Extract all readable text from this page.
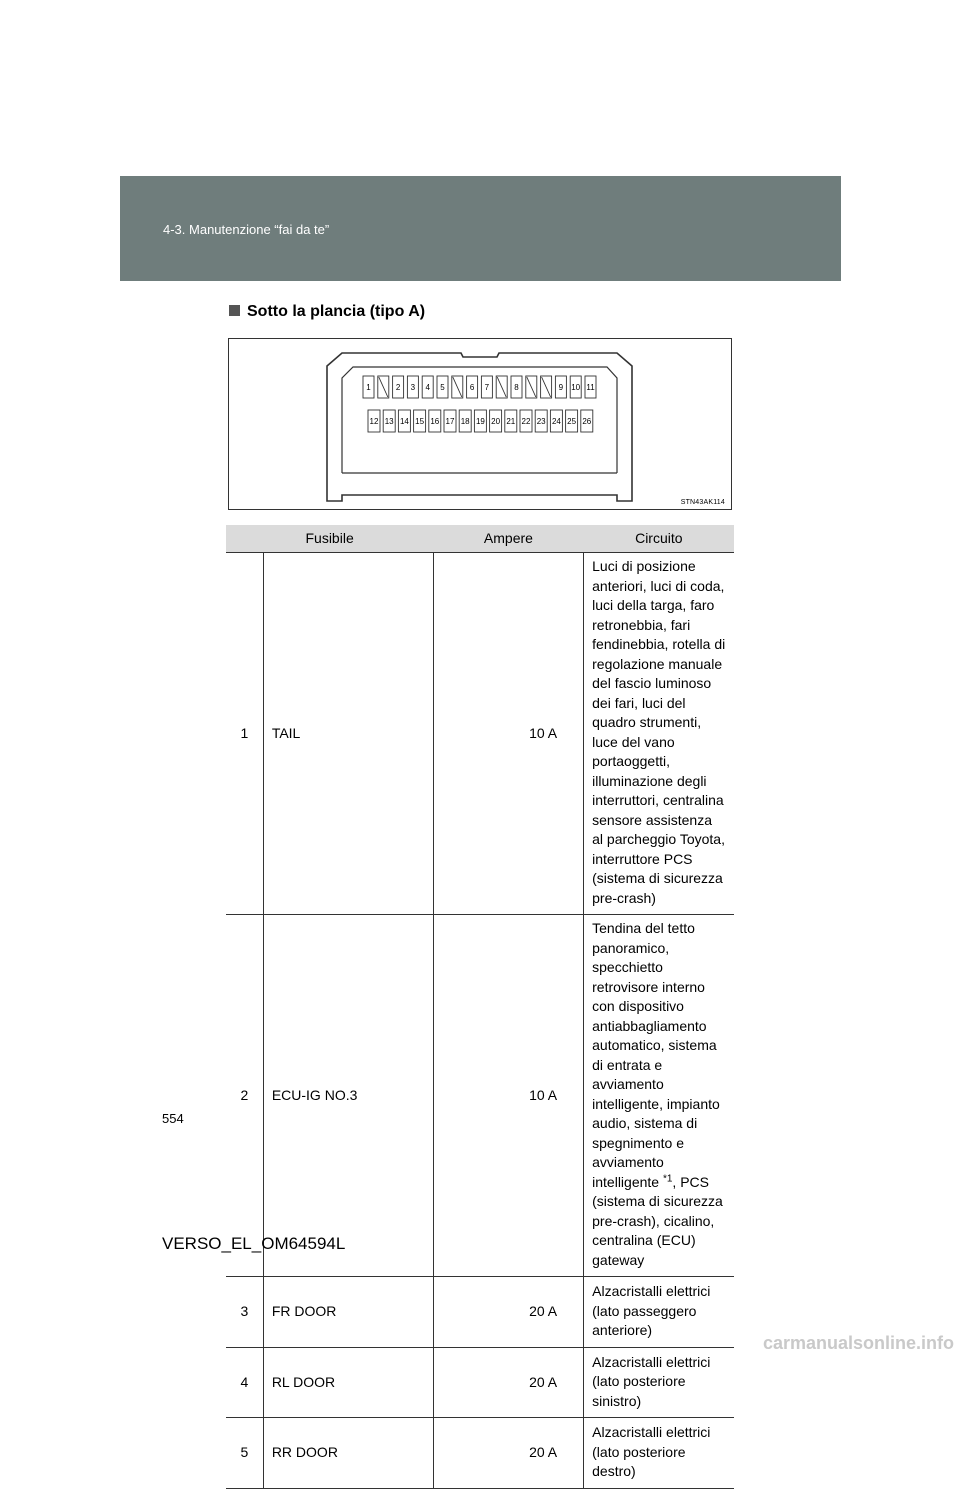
4-3. Manutenzione “fai da te”
Sotto la plancia (tipo A)
1	2 3 4 5	6 7	8	9 10 11
12 13 14 15 16 17 18 19 20 21 22 23 24 25 26
STN43AK114
Fusibile		Ampere	Circuito
1	TAIL	10 A	Luci di posizione anteriori, luci di coda, luci della targa, faro retronebbia, fari fendinebbia, rotella di regolazione manuale del fascio luminoso dei fari, luci del quadro strumenti, luce del vano portaoggetti, illuminazione degli interruttori, centralina sensore assistenza al parcheggio Toyota, interruttore PCS (sistema di sicurezza pre-crash)
2	ECU-IG NO.3	10 A	Tendina del tetto panoramico, specchietto retrovisore interno con dispositivo antiabbagliamento automatico, sistema di entrata e avviamento intelligente, impianto audio, sistema di spegnimento e avviamento intelligente $^{*1}$, PCS (sistema di sicurezza pre-crash), cicalino, centralina (ECU) gateway
3	FR DOOR	20 A	Alzacristalli elettrici
(lato passeggero anteriore)
4	RL DOOR	20 A	Alzacristalli elettrici
(lato posteriore sinistro)
5	RR DOOR	20 A	Alzacristalli elettrici
(lato posteriore destro)
554
VERSO_EL_OM64594L
carmanualsonline.info
